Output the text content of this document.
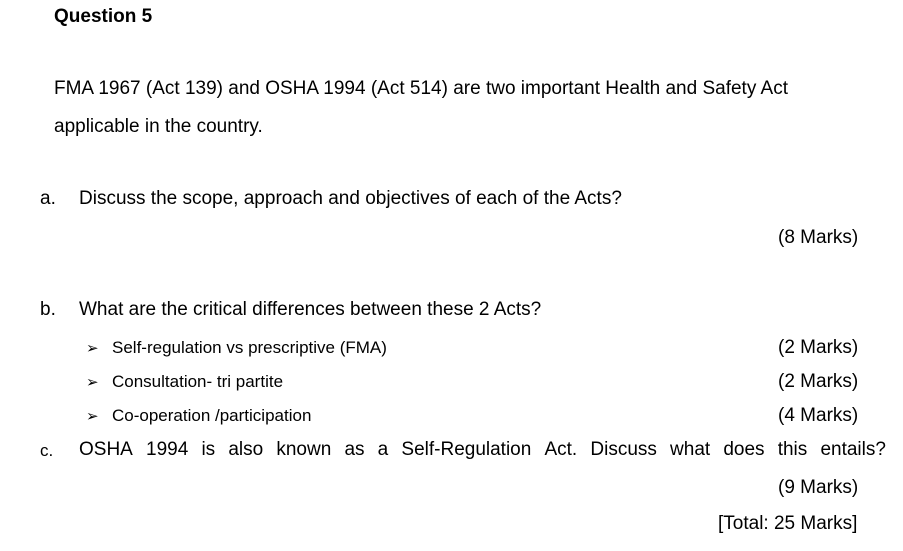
Question 5
FMA 1967 (Act 139) and OSHA 1994 (Act 514) are two important Health and Safety Act
applicable in the country.
a. Discuss the scope, approach and objectives of each of the Acts?
(8 Marks)
b. What are the critical differences between these 2 Acts?
➢ Self-regulation vs prescriptive (FMA)	(2 Marks)
➢ Consultation- tri partite	(2 Marks)
➢ Co-operation /participation	(4 Marks)
c. OSHA 1994 is also known as a Self-Regulation Act. Discuss what does this entails?
(9 Marks)
[Total: 25 Marks]
